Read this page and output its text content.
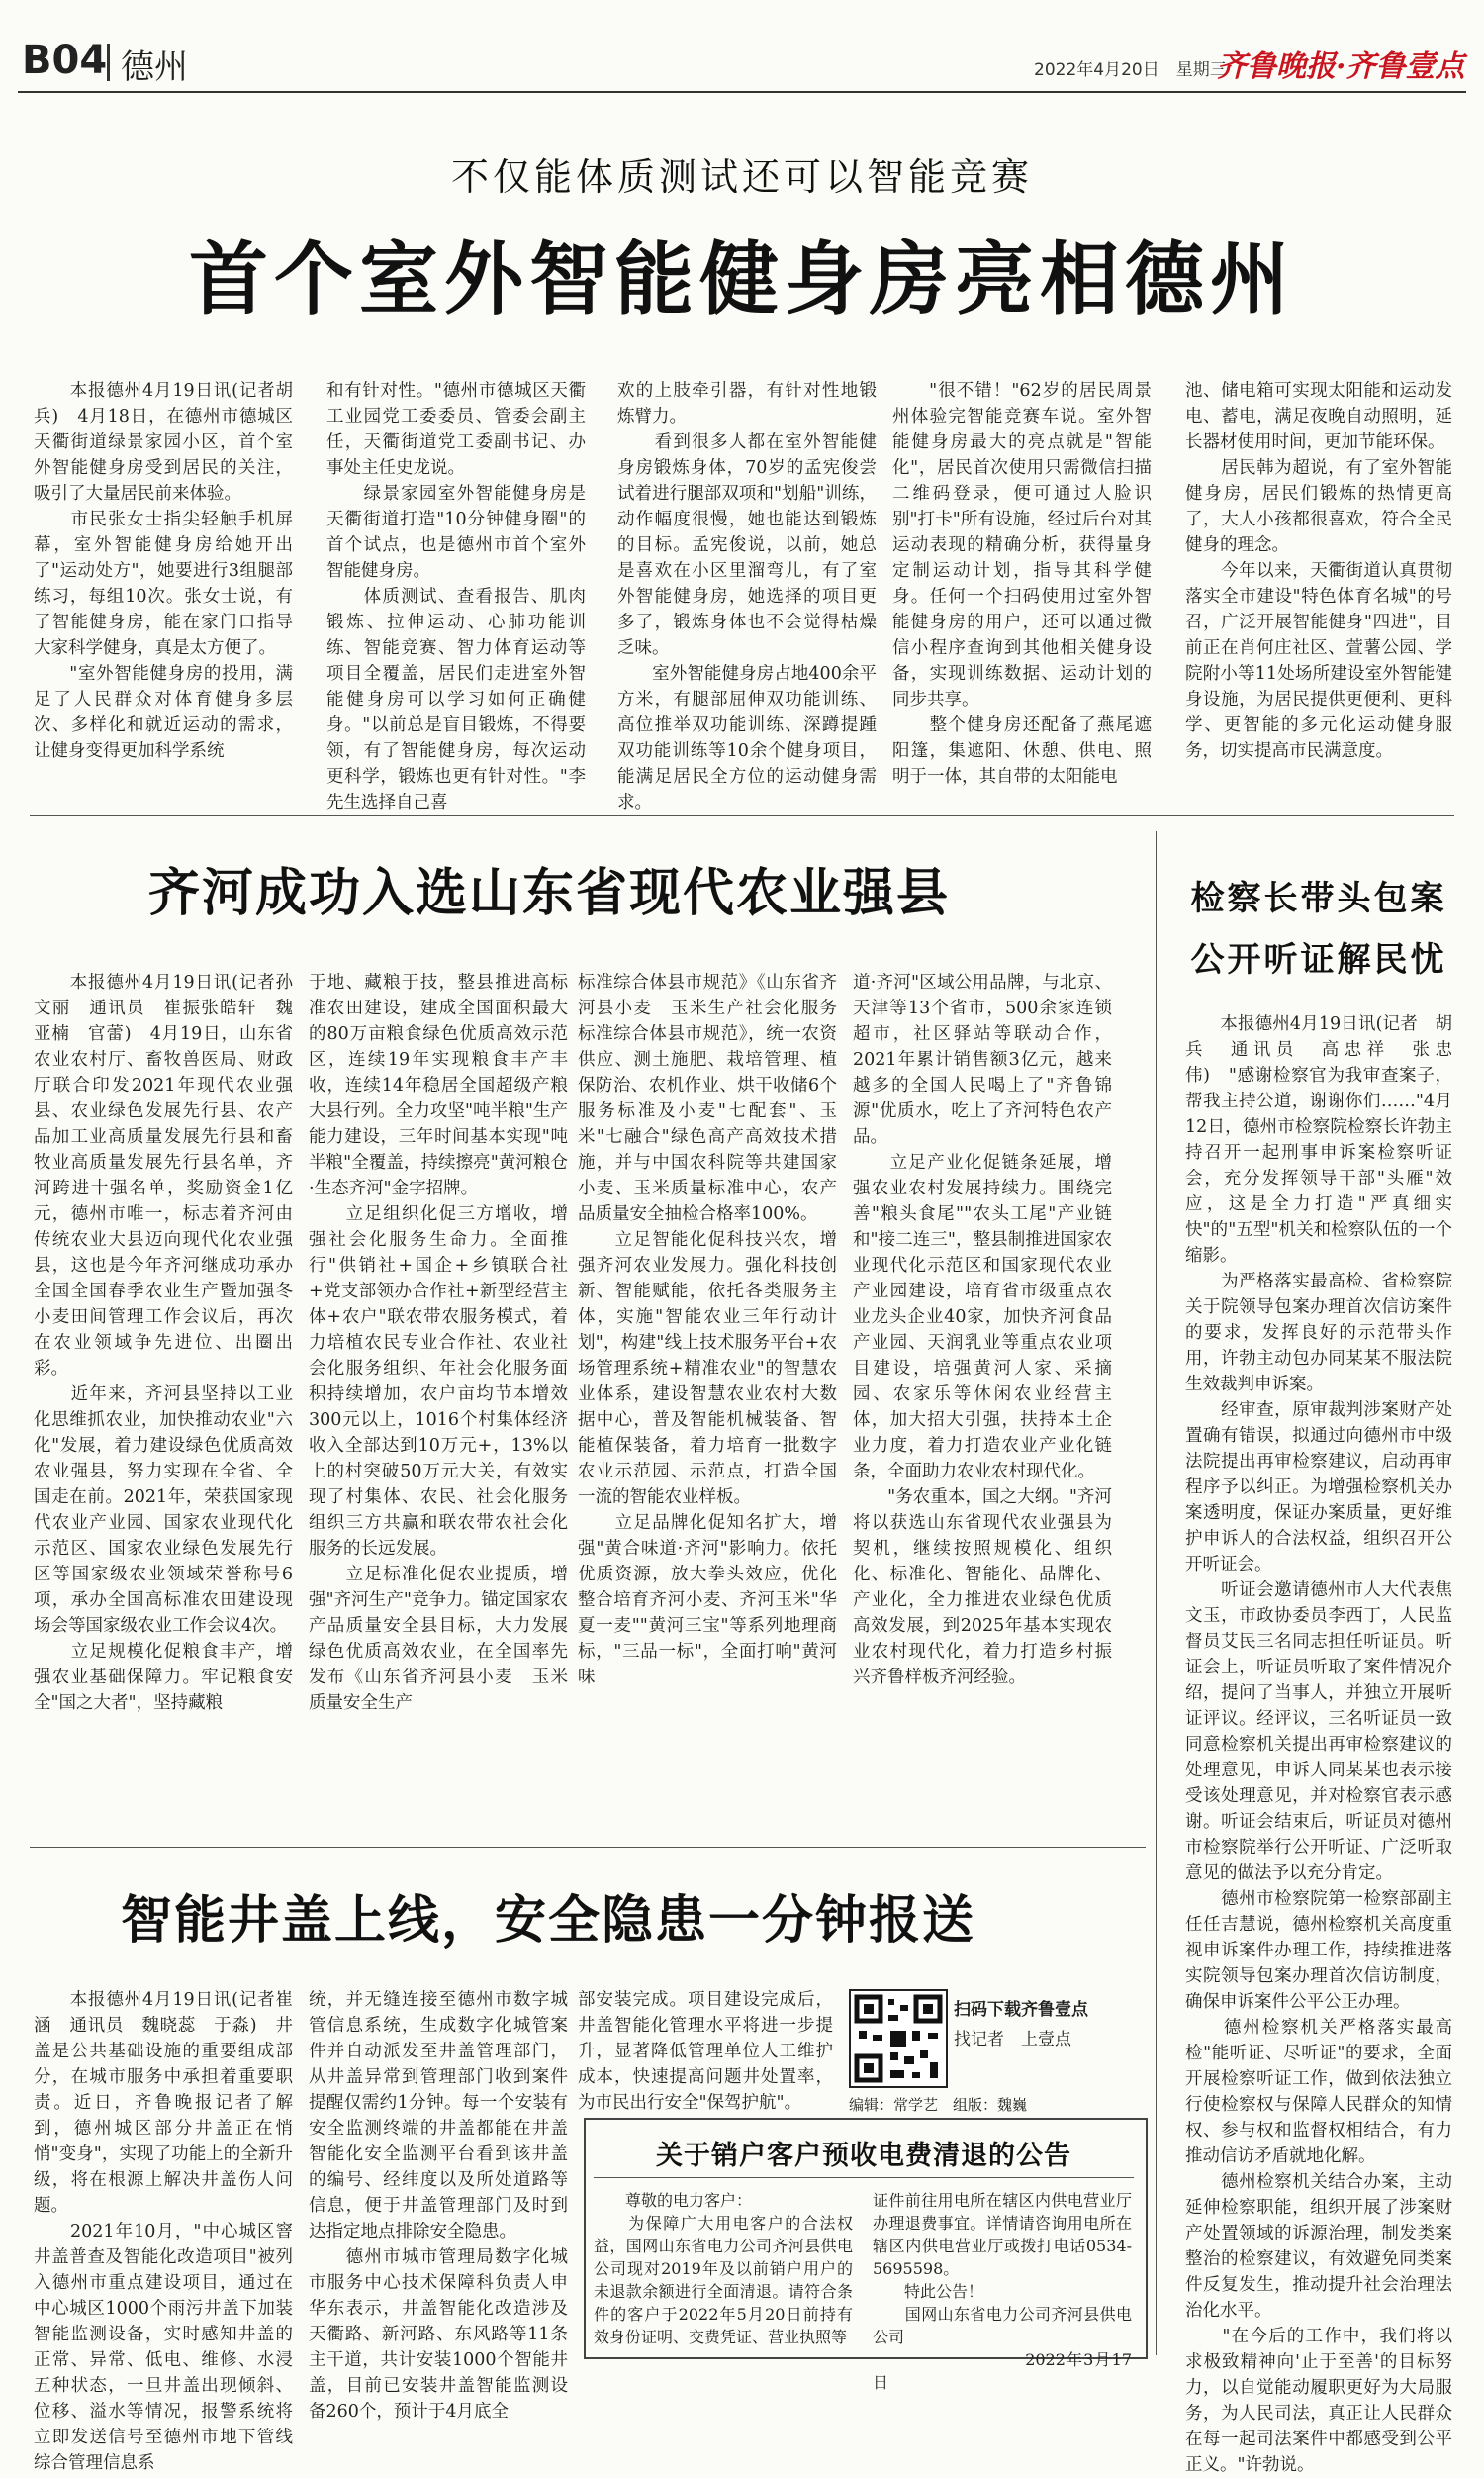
B04 德州	2022年4月20日　星期三
齐鲁晚报·齐鲁壹点
不仅能体质测试还可以智能竞赛
首个室外智能健身房亮相德州
　　本报德州4月19日讯(记者胡兵)　4月18日，在德州市德城区天衢街道绿景家园小区，首个室外智能健身房受到居民的关注，吸引了大量居民前来体验。
　　市民张女士指尖轻触手机屏幕，室外智能健身房给她开出了"运动处方"，她要进行3组腿部练习，每组10次。张女士说，有了智能健身房，能在家门口指导大家科学健身，真是太方便了。
　　"室外智能健身房的投用，满足了人民群众对体育健身多层次、多样化和就近运动的需求，让健身变得更加科学系统
和有针对性。"德州市德城区天衢工业园党工委委员、管委会副主任，天衢街道党工委副书记、办事处主任史龙说。
　　绿景家园室外智能健身房是天衢街道打造"10分钟健身圈"的首个试点，也是德州市首个室外智能健身房。
　　体质测试、查看报告、肌肉锻炼、拉伸运动、心肺功能训练、智能竞赛、智力体育运动等项目全覆盖，居民们走进室外智能健身房可以学习如何正确健身。"以前总是盲目锻炼，不得要领，有了智能健身房，每次运动更科学，锻炼也更有针对性。"李先生选择自己喜
欢的上肢牵引器，有针对性地锻炼臂力。
　　看到很多人都在室外智能健身房锻炼身体，70岁的孟宪俊尝试着进行腿部双项和"划船"训练，动作幅度很慢，她也能达到锻炼的目标。孟宪俊说，以前，她总是喜欢在小区里溜弯儿，有了室外智能健身房，她选择的项目更多了，锻炼身体也不会觉得枯燥乏味。
　　室外智能健身房占地400余平方米，有腿部屈伸双功能训练、高位推举双功能训练、深蹲提踵双功能训练等10余个健身项目，能满足居民全方位的运动健身需求。
　　"很不错！"62岁的居民周景州体验完智能竞赛车说。室外智能健身房最大的亮点就是"智能化"，居民首次使用只需微信扫描二维码登录，便可通过人脸识别"打卡"所有设施，经过后台对其运动表现的精确分析，获得量身定制运动计划，指导其科学健身。任何一个扫码使用过室外智能健身房的用户，还可以通过微信小程序查询到其他相关健身设备，实现训练数据、运动计划的同步共享。
　　整个健身房还配备了燕尾遮阳篷，集遮阳、休憩、供电、照明于一体，其自带的太阳能电
池、储电箱可实现太阳能和运动发电、蓄电，满足夜晚自动照明，延长器材使用时间，更加节能环保。
　　居民韩为超说，有了室外智能健身房，居民们锻炼的热情更高了，大人小孩都很喜欢，符合全民健身的理念。
　　今年以来，天衢街道认真贯彻落实全市建设"特色体育名城"的号召，广泛开展智能健身"四进"，目前正在肖何庄社区、萱薯公园、学院附小等11处场所建设室外智能健身设施，为居民提供更便利、更科学、更智能的多元化运动健身服务，切实提高市民满意度。
齐河成功入选山东省现代农业强县
　　本报德州4月19日讯(记者孙文丽　通讯员　崔振张皓轩　魏亚楠　官蕾)　4月19日，山东省农业农村厅、畜牧兽医局、财政厅联合印发2021年现代农业强县、农业绿色发展先行县、农产品加工业高质量发展先行县和畜牧业高质量发展先行县名单，齐河跨进十强名单，奖励资金1亿元，德州市唯一，标志着齐河由传统农业大县迈向现代化农业强县，这也是今年齐河继成功承办全国全国春季农业生产暨加强冬小麦田间管理工作会议后，再次在农业领域争先进位、出圈出彩。
　　近年来，齐河县坚持以工业化思维抓农业，加快推动农业"六化"发展，着力建设绿色优质高效农业强县，努力实现在全省、全国走在前。2021年，荣获国家现代农业产业园、国家农业现代化示范区、国家农业绿色发展先行区等国家级农业领域荣誉称号6项，承办全国高标准农田建设现场会等国家级农业工作会议4次。
　　立足规模化促粮食丰产，增强农业基础保障力。牢记粮食安全"国之大者"，坚持藏粮
于地、藏粮于技，整县推进高标准农田建设，建成全国面积最大的80万亩粮食绿色优质高效示范区，连续19年实现粮食丰产丰收，连续14年稳居全国超级产粮大县行列。全力攻坚"吨半粮"生产能力建设，三年时间基本实现"吨半粮"全覆盖，持续擦亮"黄河粮仓·生态齐河"金字招牌。
　　立足组织化促三方增收，增强社会化服务生命力。全面推行"供销社+国企+乡镇联合社+党支部领办合作社+新型经营主体+农户"联农带农服务模式，着力培植农民专业合作社、农业社会化服务组织、年社会化服务面积持续增加，农户亩均节本增效300元以上，1016个村集体经济收入全部达到10万元+，13%以上的村突破50万元大关，有效实现了村集体、农民、社会化服务组织三方共赢和联农带农社会化服务的长远发展。
　　立足标准化促农业提质，增强"齐河生产"竞争力。锚定国家农产品质量安全县目标，大力发展绿色优质高效农业，在全国率先发布《山东省齐河县小麦　玉米质量安全生产
标准综合体县市规范》《山东省齐河县小麦　玉米生产社会化服务标准综合体县市规范》，统一农资供应、测土施肥、栽培管理、植保防治、农机作业、烘干收储6个服务标准及小麦"七配套"、玉米"七融合"绿色高产高效技术措施，并与中国农科院等共建国家小麦、玉米质量标准中心，农产品质量安全抽检合格率100%。
　　立足智能化促科技兴农，增强齐河农业发展力。强化科技创新、智能赋能，依托各类服务主体，实施"智能农业三年行动计划"，构建"线上技术服务平台+农场管理系统+精准农业"的智慧农业体系，建设智慧农业农村大数据中心，普及智能机械装备、智能植保装备，着力培育一批数字农业示范园、示范点，打造全国一流的智能农业样板。
　　立足品牌化促知名扩大，增强"黄合味道·齐河"影响力。依托优质资源，放大拳头效应，优化整合培育齐河小麦、齐河玉米"华夏一麦""黄河三宝"等系列地理商标，"三品一标"，全面打响"黄河味
道·齐河"区域公用品牌，与北京、天津等13个省市，500余家连锁超市，社区驿站等联动合作，2021年累计销售额3亿元，越来越多的全国人民喝上了"齐鲁锦源"优质水，吃上了齐河特色农产品。
　　立足产业化促链条延展，增强农业农村发展持续力。围绕完善"粮头食尾""农头工尾"产业链和"接二连三"，整县制推进国家农业现代化示范区和国家现代农业产业园建设，培育省市级重点农业龙头企业40家，加快齐河食品产业园、天润乳业等重点农业项目建设，培强黄河人家、采摘园、农家乐等休闲农业经营主体，加大招大引强，扶持本土企业力度，着力打造农业产业化链条，全面助力农业农村现代化。
　　"务农重本，国之大纲。"齐河将以获选山东省现代农业强县为契机，继续按照规模化、组织化、标准化、智能化、品牌化、产业化，全力推进农业绿色优质高效发展，到2025年基本实现农业农村现代化，着力打造乡村振兴齐鲁样板齐河经验。
检察长带头包案
公开听证解民忧
　　本报德州4月19日讯(记者　胡兵　通讯员　高忠祥　张忠伟)　"感谢检察官为我审查案子，帮我主持公道，谢谢你们……"4月12日，德州市检察院检察长许勃主持召开一起刑事申诉案检察听证会，充分发挥领导干部"头雁"效应，这是全力打造"严真细实快"的"五型"机关和检察队伍的一个缩影。
　　为严格落实最高检、省检察院关于院领导包案办理首次信访案件的要求，发挥良好的示范带头作用，许勃主动包办同某某不服法院生效裁判申诉案。
　　经审查，原审裁判涉案财产处置确有错误，拟通过向德州市中级法院提出再审检察建议，启动再审程序予以纠正。为增强检察机关办案透明度，保证办案质量，更好维护申诉人的合法权益，组织召开公开听证会。
　　听证会邀请德州市人大代表焦文玉，市政协委员李西丁，人民监督员艾民三名同志担任听证员。听证会上，听证员听取了案件情况介绍，提问了当事人，并独立开展听证评议。经评议，三名听证员一致同意检察机关提出再审检察建议的处理意见，申诉人同某某也表示接受该处理意见，并对检察官表示感谢。听证会结束后，听证员对德州市检察院举行公开听证、广泛听取意见的做法予以充分肯定。
　　德州市检察院第一检察部副主任任吉慧说，德州检察机关高度重视申诉案件办理工作，持续推进落实院领导包案办理首次信访制度，确保申诉案件公平公正办理。
　　德州检察机关严格落实最高检"能听证、尽听证"的要求，全面开展检察听证工作，做到依法独立行使检察权与保障人民群众的知情权、参与权和监督权相结合，有力推动信访矛盾就地化解。
　　德州检察机关结合办案，主动延伸检察职能，组织开展了涉案财产处置领域的诉源治理，制发类案整治的检察建议，有效避免同类案件反复发生，推动提升社会治理法治化水平。
　　"在今后的工作中，我们将以求极致精神向'止于至善'的目标努力，以自觉能动履职更好为大局服务，为人民司法，真正让人民群众在每一起司法案件中都感受到公平正义。"许勃说。
智能井盖上线，安全隐患一分钟报送
　　本报德州4月19日讯(记者崔涵　通讯员　魏晓蕊　于淼)　井盖是公共基础设施的重要组成部分，在城市服务中承担着重要职责。近日，齐鲁晚报记者了解到，德州城区部分井盖正在悄悄"变身"，实现了功能上的全新升级，将在根源上解决井盖伤人问题。
　　2021年10月，"中心城区窨井盖普查及智能化改造项目"被列入德州市重点建设项目，通过在中心城区1000个雨污井盖下加装智能监测设备，实时感知井盖的正常、异常、低电、维修、水浸五种状态，一旦井盖出现倾斜、位移、溢水等情况，报警系统将立即发送信号至德州市地下管线综合管理信息系
统，并无缝连接至德州市数字城管信息系统，生成数字化城管案件并自动派发至井盖管理部门，从井盖异常到管理部门收到案件提醒仅需约1分钟。每一个安装有安全监测终端的井盖都能在井盖智能化安全监测平台看到该井盖的编号、经纬度以及所处道路等信息，便于井盖管理部门及时到达指定地点排除安全隐患。
　　德州市城市管理局数字化城市服务中心技术保障科负责人申华东表示，井盖智能化改造涉及天衢路、新河路、东风路等11条主干道，共计安装1000个智能井盖，目前已安装井盖智能监测设备260个，预计于4月底全
部安装完成。项目建设完成后，井盖智能化管理水平将进一步提升，显著降低管理单位人工维护成本，快速提高问题井处置率，为市民出行安全"保驾护航"。
扫码下载齐鲁壹点
找记者　上壹点
编辑：常学艺　组版：魏巍
关于销户客户预收电费清退的公告
　　尊敬的电力客户：
　　为保障广大用电客户的合法权益，国网山东省电力公司齐河县供电公司现对2019年及以前销户用户的未退款余额进行全面清退。请符合条件的客户于2022年5月20日前持有效身份证明、交费凭证、营业执照等
证件前往用电所在辖区内供电营业厅办理退费事宜。详情请咨询用电所在辖区内供电营业厅或拨打电话0534-5695598。
　　特此公告！
　　国网山东省电力公司齐河县供电公司
　　　　　　　　　2022年3月17日
